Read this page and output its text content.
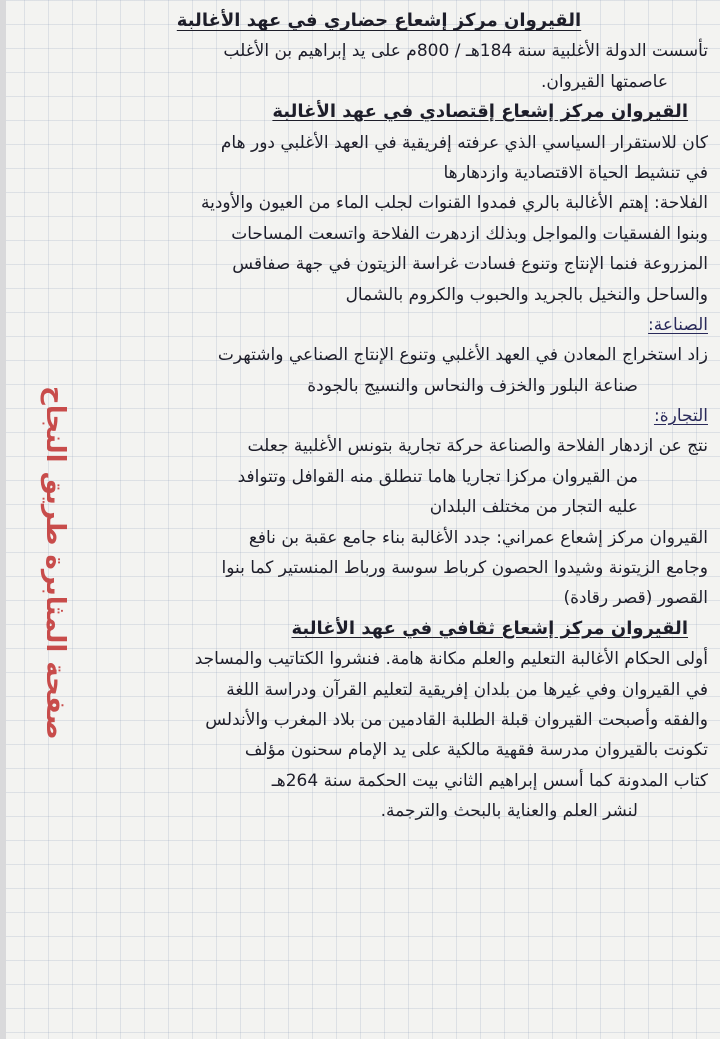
صفحة المثابرة طريق النجاح
القيروان مركز إشعاع حضاري في عهد الأغالبة
تأسست الدولة الأغلبية سنة 184هـ / 800م على يد إبراهيم بن الأغلب
عاصمتها القيروان.
القيروان مركز إشعاع إقتصادي في عهد الأغالبة
كان للاستقرار السياسي الذي عرفته إفريقية في العهد الأغلبي دور هام
في تنشيط الحياة الاقتصادية وازدهارها
الفلاحة: إهتم الأغالبة بالري فمدوا القنوات لجلب الماء من العيون والأودية
وبنوا الفسقيات والمواجل وبذلك ازدهرت الفلاحة واتسعت المساحات
المزروعة فنما الإنتاج وتنوع فسادت غراسة الزيتون في جهة صفاقس
والساحل والنخيل بالجريد والحبوب والكروم بالشمال
الصناعة:
زاد استخراج المعادن في العهد الأغلبي وتنوع الإنتاج الصناعي واشتهرت
صناعة البلور والخزف والنحاس والنسيج بالجودة
التجارة:
نتج عن ازدهار الفلاحة والصناعة حركة تجارية بتونس الأغلبية جعلت
من القيروان مركزا تجاريا هاما تنطلق منه القوافل وتتوافد
عليه التجار من مختلف البلدان
القيروان مركز إشعاع عمراني: جدد الأغالبة بناء جامع عقبة بن نافع
وجامع الزيتونة وشيدوا الحصون كرباط سوسة ورباط المنستير كما بنوا
القصور (قصر رقادة)
القيروان مركز إشعاع ثقافي في عهد الأغالبة
أولى الحكام الأغالبة التعليم والعلم مكانة هامة. فنشروا الكتاتيب والمساجد
في القيروان وفي غيرها من بلدان إفريقية لتعليم القرآن ودراسة اللغة
والفقه وأصبحت القيروان قبلة الطلبة القادمين من بلاد المغرب والأندلس
تكونت بالقيروان مدرسة فقهية مالكية على يد الإمام سحنون مؤلف
كتاب المدونة كما أسس إبراهيم الثاني بيت الحكمة سنة 264هـ
لنشر العلم والعناية بالبحث والترجمة.
